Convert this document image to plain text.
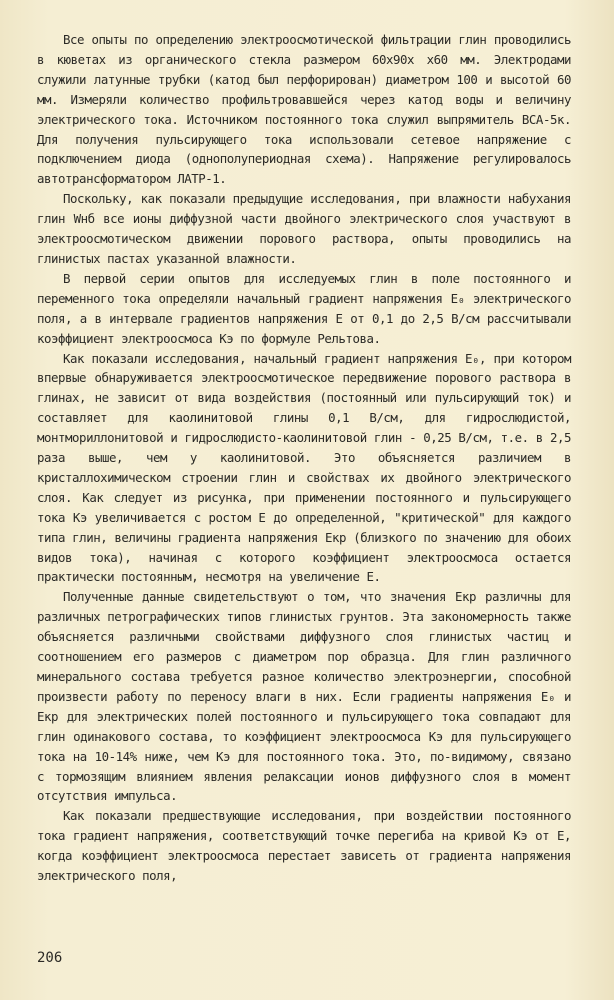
Все опыты по определению электроосмотической фильтрации глин проводились в кюветах из органического стекла размером 60х90х х60 мм. Электродами служили латунные трубки (катод был перфорирован) диаметром 100 и высотой 60 мм. Измеряли количество профильтровавшейся через катод воды и величину электрического тока. Источником постоянного тока служил выпрямитель ВСА-5к. Для получения пульсирующего тока использовали сетевое напряжение с подключением диода (однополупериодная схема). Напряжение регулировалось автотрансформатором ЛАТР-1.

Поскольку, как показали предыдущие исследования, при влажности набухания глин Wнб все ионы диффузной части двойного электрического слоя участвуют в электроосмотическом движении порового раствора, опыты проводились на глинистых пастах указанной влажности.

В первой серии опытов для исследуемых глин в поле постоянного и переменного тока определяли начальный градиент напряжения E₀ электрического поля, а в интервале градиентов напряжения E от 0,1 до 2,5 В/см рассчитывали коэффициент электроосмоса Kэ по формуле Рельтова.

Как показали исследования, начальный градиент напряжения E₀, при котором впервые обнаруживается электроосмотическое передвижение порового раствора в глинах, не зависит от вида воздействия (постоянный или пульсирующий ток) и составляет для каолинитовой глины 0,1 В/см, для гидрослюдистой, монтмориллонитовой и гидрослюдисто-каолинитовой глин - 0,25 В/см, т.е. в 2,5 раза выше, чем у каолинитовой. Это объясняется различием в кристаллохимическом строении глин и свойствах их двойного электрического слоя. Как следует из рисунка, при применении постоянного и пульсирующего тока Kэ увеличивается с ростом E до определенной, "критической" для каждого типа глин, величины градиента напряжения Eкр (близкого по значению для обоих видов тока), начиная с которого коэффициент электроосмоса остается практически постоянным, несмотря на увеличение E.

Полученные данные свидетельствуют о том, что значения Eкр различны для различных петрографических типов глинистых грунтов. Эта закономерность также объясняется различными свойствами диффузного слоя глинистых частиц и соотношением его размеров с диаметром пор образца. Для глин различного минерального состава требуется разное количество электроэнергии, способной произвести работу по переносу влаги в них. Если градиенты напряжения E₀ и Eкр для электрических полей постоянного и пульсирующего тока совпадают для глин одинакового состава, то коэффициент электроосмоса Kэ для пульсирующего тока на 10-14% ниже, чем Kэ для постоянного тока. Это, по-видимому, связано с тормозящим влиянием явления релаксации ионов диффузного слоя в момент отсутствия импульса.

Как показали предшествующие исследования, при воздействии постоянного тока градиент напряжения, соответствующий точке перегиба на кривой Kэ от E, когда коэффициент электроосмоса перестает зависеть от градиента напряжения электрического поля,

206
